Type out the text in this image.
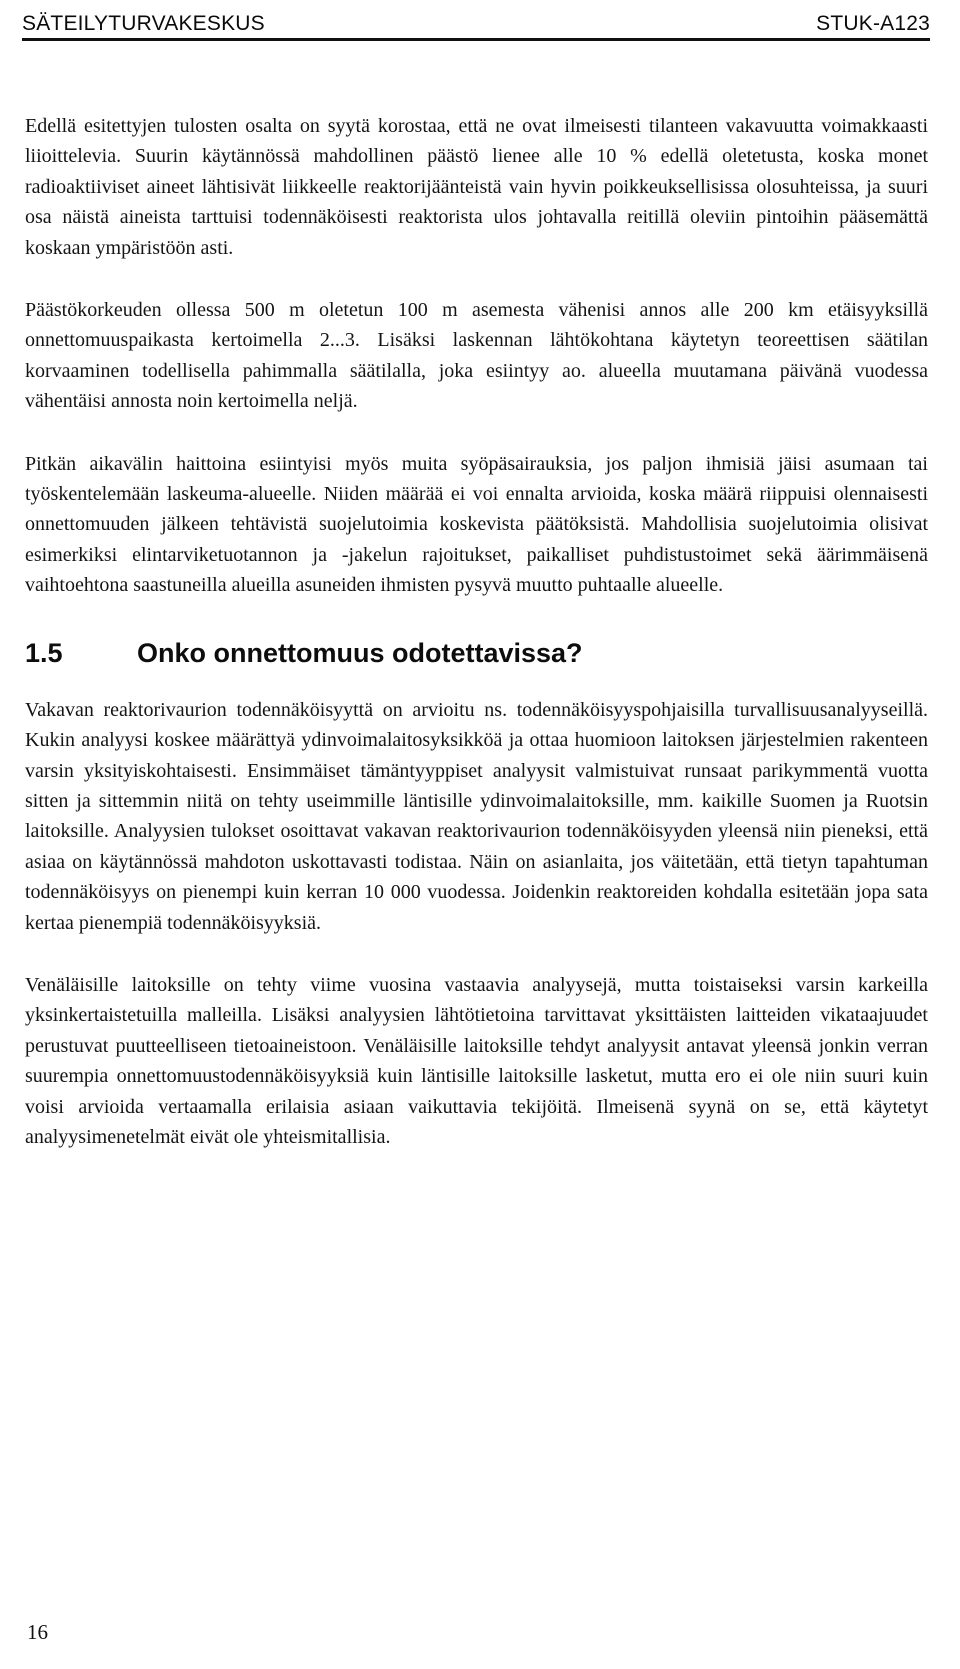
SÄTEILYTURVAKESKUS	STUK-A123

Edellä esitettyjen tulosten osalta on syytä korostaa, että ne ovat ilmeisesti tilanteen vakavuutta voimakkaasti liioittelevia. Suurin käytännössä mahdollinen päästö lienee alle 10 % edellä oletetusta, koska monet radioaktiiviset aineet lähtisivät liikkeelle reaktorijäänteistä vain hyvin poikkeuksellisissa olosuhteissa, ja suuri osa näistä aineista tarttuisi todennäköisesti reaktorista ulos johtavalla reitillä oleviin pintoihin pääsemättä koskaan ympäristöön asti.

Päästökorkeuden ollessa 500 m oletetun 100 m asemesta vähenisi annos alle 200 km etäisyyksillä onnettomuuspaikasta kertoimella 2...3. Lisäksi laskennan lähtökohtana käytetyn teoreettisen säätilan korvaaminen todellisella pahimmalla säätilalla, joka esiintyy ao. alueella muutamana päivänä vuodessa vähentäisi annosta noin kertoimella neljä.

Pitkän aikavälin haittoina esiintyisi myös muita syöpäsairauksia, jos paljon ihmisiä jäisi asumaan tai työskentelemään laskeuma-alueelle. Niiden määrää ei voi ennalta arvioida, koska määrä riippuisi olennaisesti onnettomuuden jälkeen tehtävistä suojelutoimia koskevista päätöksistä. Mahdollisia suojelutoimia olisivat esimerkiksi elintarviketuotannon ja -jakelun rajoitukset, paikalliset puhdistustoimet sekä äärimmäisenä vaihtoehtona saastuneilla alueilla asuneiden ihmisten pysyvä muutto puhtaalle alueelle.

1.5	Onko onnettomuus odotettavissa?

Vakavan reaktorivaurion todennäköisyyttä on arvioitu ns. todennäköisyyspohjaisilla turvallisuusanalyyseillä. Kukin analyysi koskee määrättyä ydinvoimalaitosyksikköä ja ottaa huomioon laitoksen järjestelmien rakenteen varsin yksityiskohtaisesti. Ensimmäiset tämäntyyppiset analyysit valmistuivat runsaat parikymmentä vuotta sitten ja sittemmin niitä on tehty useimmille läntisille ydinvoimalaitoksille, mm. kaikille Suomen ja Ruotsin laitoksille. Analyysien tulokset osoittavat vakavan reaktorivaurion todennäköisyyden yleensä niin pieneksi, että asiaa on käytännössä mahdoton uskottavasti todistaa. Näin on asianlaita, jos väitetään, että tietyn tapahtuman todennäköisyys on pienempi kuin kerran 10 000 vuodessa. Joidenkin reaktoreiden kohdalla esitetään jopa sata kertaa pienempiä todennäköisyyksiä.

Venäläisille laitoksille on tehty viime vuosina vastaavia analyysejä, mutta toistaiseksi varsin karkeilla yksinkertaistetuilla malleilla. Lisäksi analyysien lähtötietoina tarvittavat yksittäisten laitteiden vikataajuudet perustuvat puutteelliseen tietoaineistoon. Venäläisille laitoksille tehdyt analyysit antavat yleensä jonkin verran suurempia onnettomuustodennäköisyyksiä kuin läntisille laitoksille lasketut, mutta ero ei ole niin suuri kuin voisi arvioida vertaamalla erilaisia asiaan vaikuttavia tekijöitä. Ilmeisenä syynä on se, että käytetyt analyysimenetelmät eivät ole yhteismitallisia.

16
